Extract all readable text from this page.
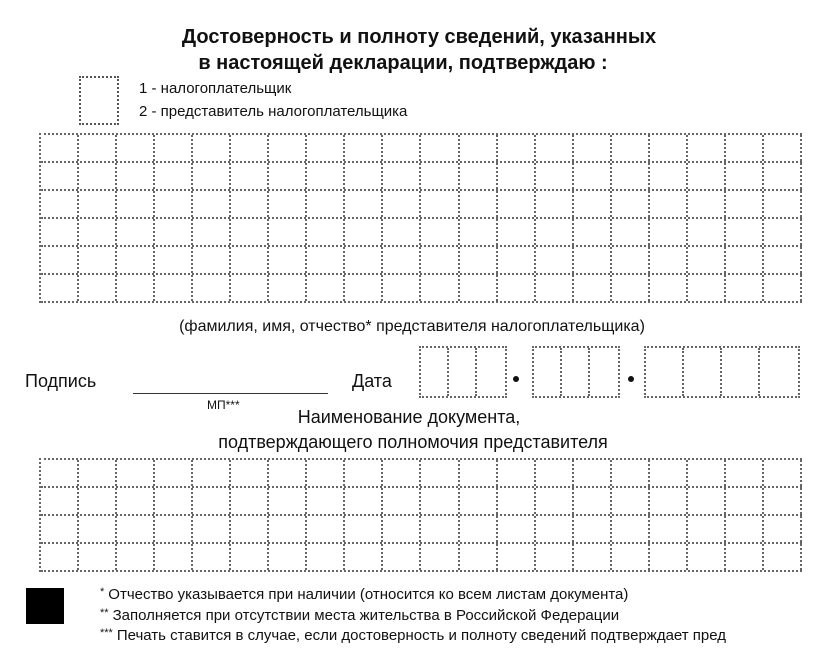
Достоверность и полноту сведений, указанных
в настоящей декларации, подтверждаю :
1 - налогоплательщик
2 - представитель налогоплательщика
(фамилия, имя, отчество* представителя налогоплательщика)
Подпись
МП***
Дата
Наименование документа,
подтверждающего полномочия представителя
* Отчество указывается при наличии (относится ко всем листам документа)
** Заполняется при отсутствии места жительства в Российской Федерации
*** Печать ставится в случае, если достоверность и полноту сведений подтверждает пред
